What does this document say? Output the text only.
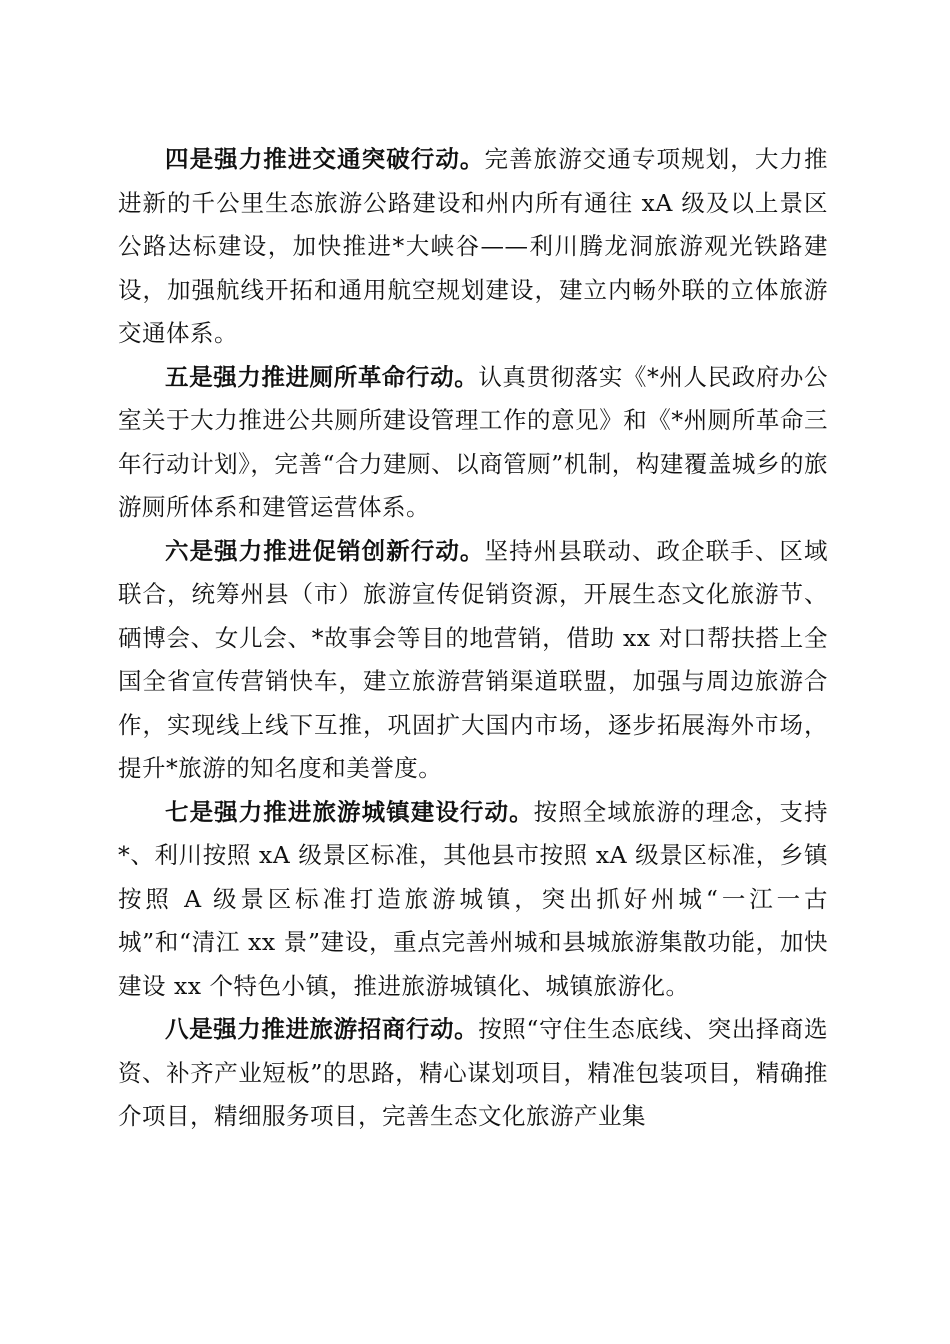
四是强力推进交通突破行动。完善旅游交通专项规划，大力推进新的千公里生态旅游公路建设和州内所有通往 xA 级及以上景区公路达标建设，加快推进*大峡谷——利川腾龙洞旅游观光铁路建设，加强航线开拓和通用航空规划建设，建立内畅外联的立体旅游交通体系。

五是强力推进厕所革命行动。认真贯彻落实《*州人民政府办公室关于大力推进公共厕所建设管理工作的意见》和《*州厕所革命三年行动计划》，完善“合力建厕、以商管厕”机制，构建覆盖城乡的旅游厕所体系和建管运营体系。

六是强力推进促销创新行动。坚持州县联动、政企联手、区域联合，统筹州县（市）旅游宣传促销资源，开展生态文化旅游节、硒博会、女儿会、*故事会等目的地营销，借助 xx 对口帮扶搭上全国全省宣传营销快车，建立旅游营销渠道联盟，加强与周边旅游合作，实现线上线下互推，巩固扩大国内市场，逐步拓展海外市场，提升*旅游的知名度和美誉度。

七是强力推进旅游城镇建设行动。按照全域旅游的理念，支持*、利川按照 xA 级景区标准，其他县市按照 xA 级景区标准，乡镇按照 A 级景区标准打造旅游城镇，突出抓好州城“一江一古城”和“清江 xx 景”建设，重点完善州城和县城旅游集散功能，加快建设 xx 个特色小镇，推进旅游城镇化、城镇旅游化。

八是强力推进旅游招商行动。按照“守住生态底线、突出择商选资、补齐产业短板”的思路，精心谋划项目，精准包装项目，精确推介项目，精细服务项目，完善生态文化旅游产业集
